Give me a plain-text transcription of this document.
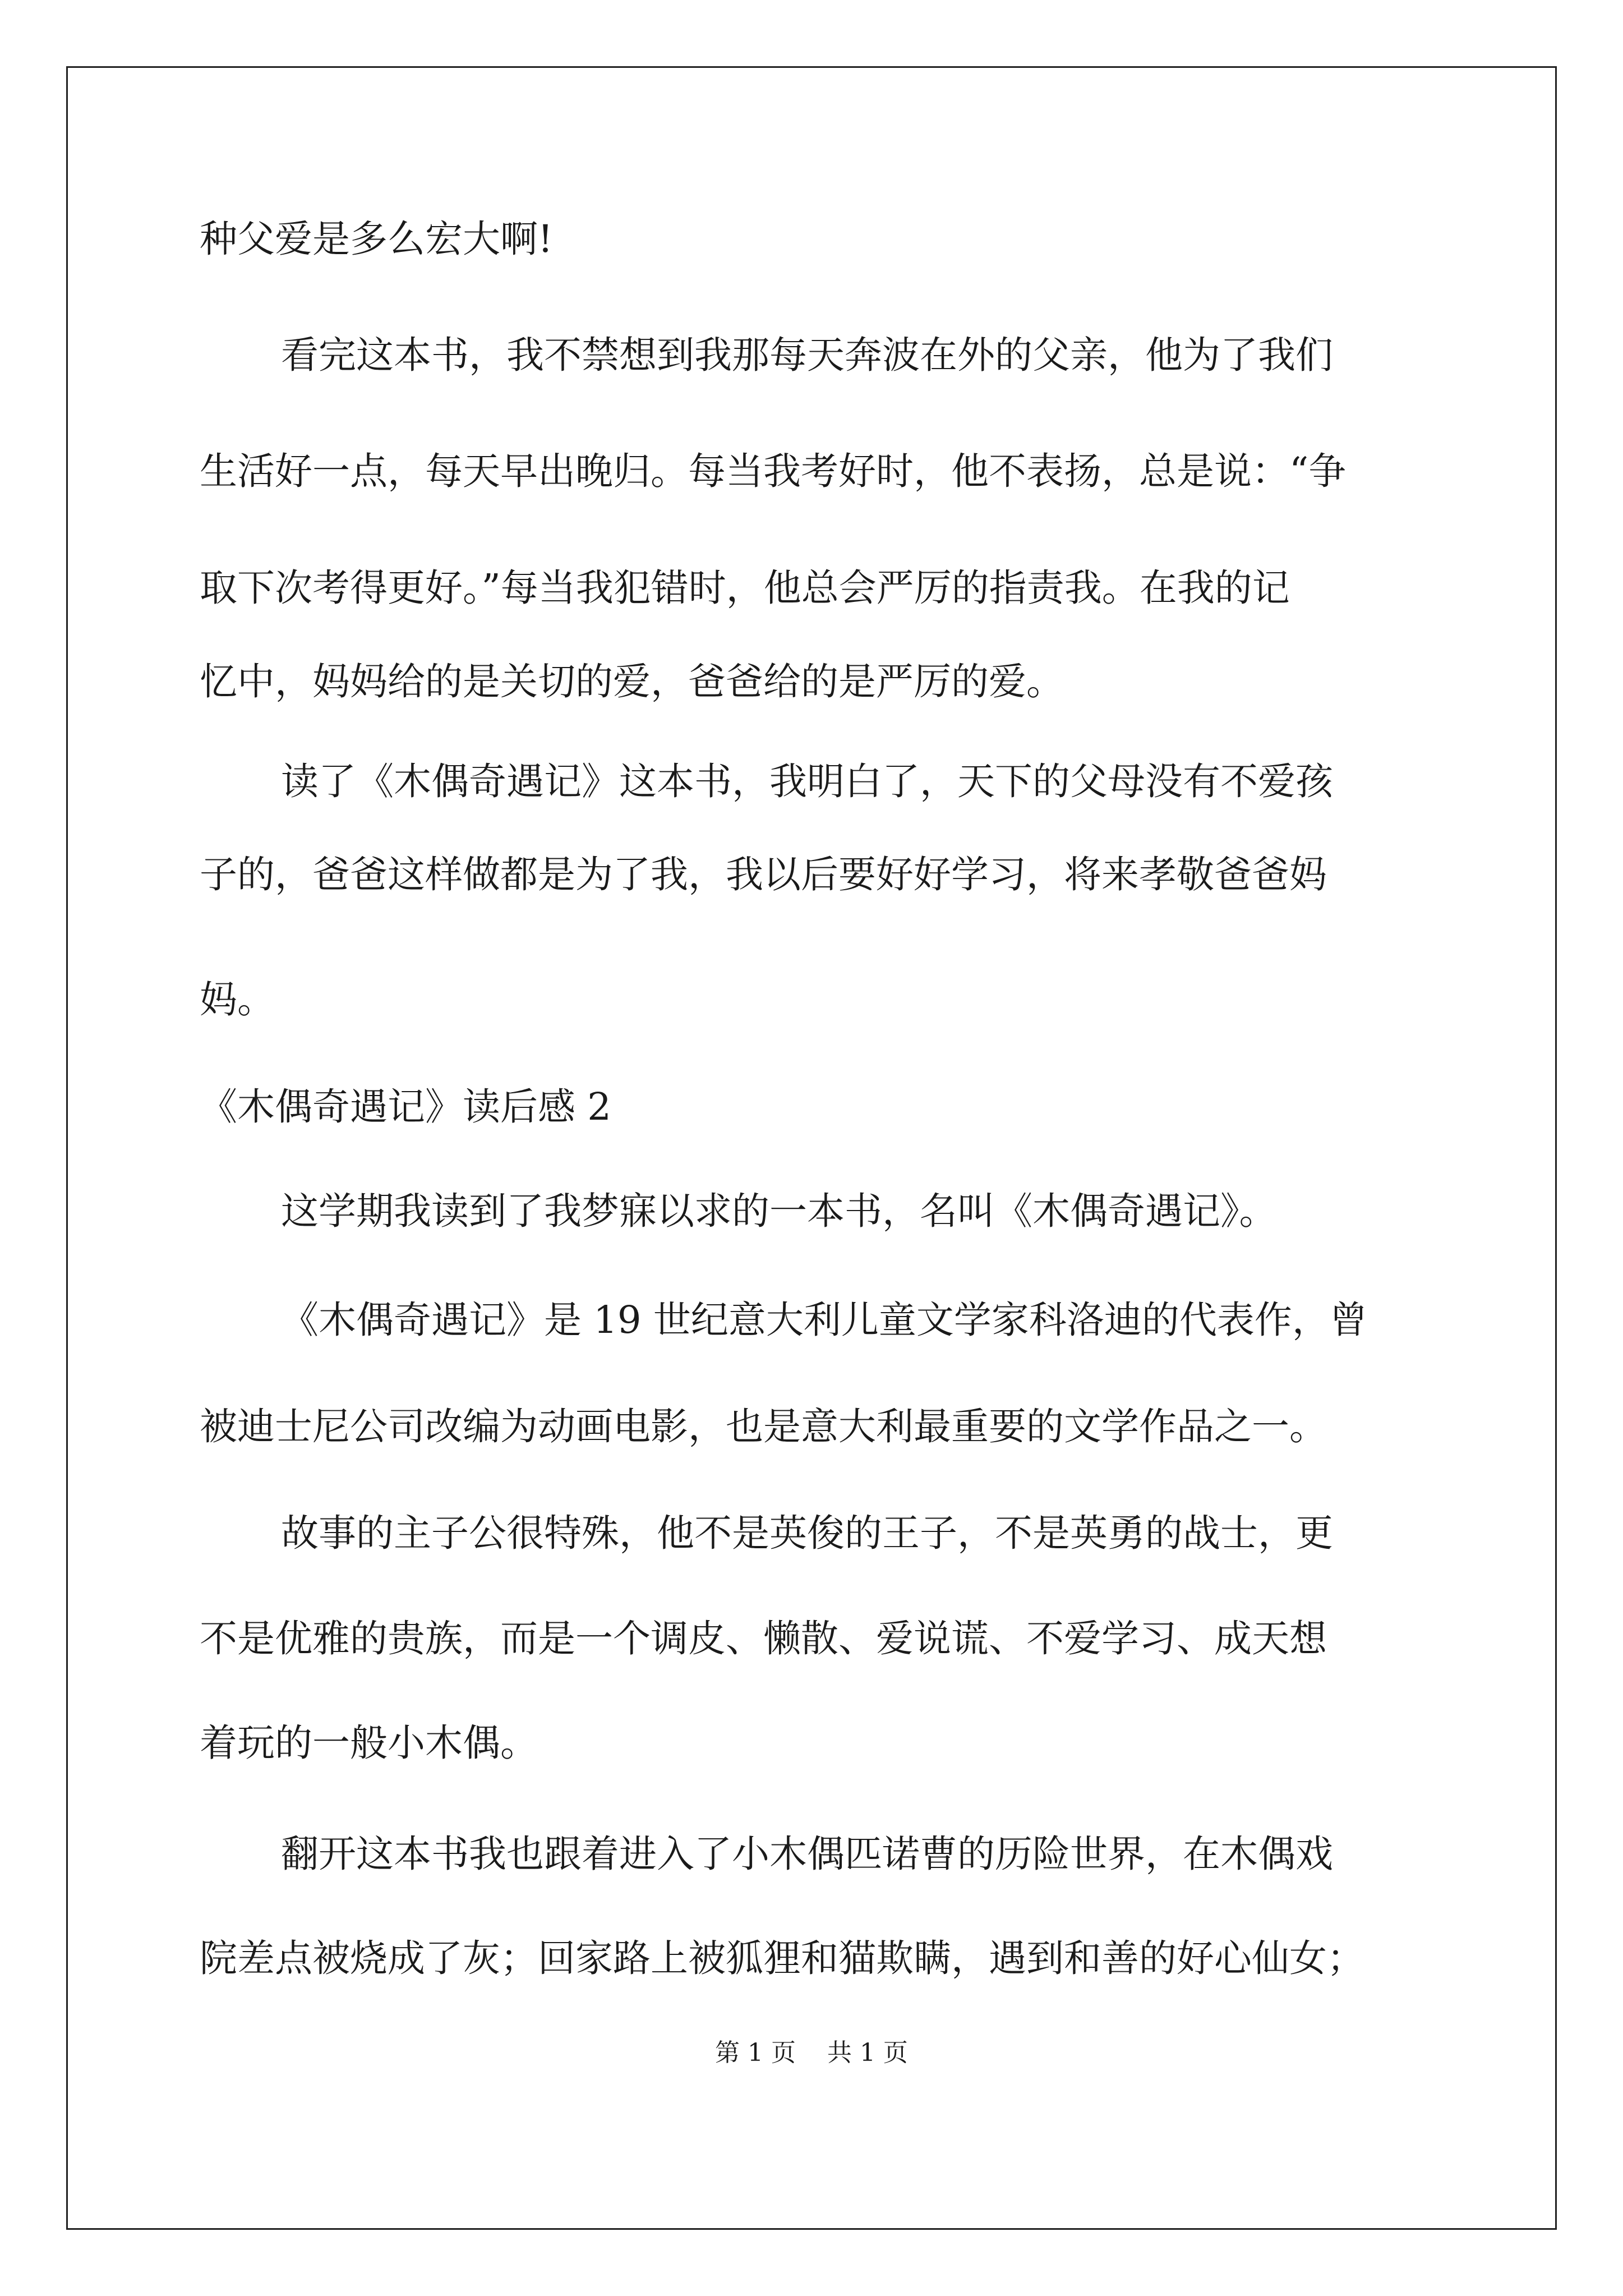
种父爱是多么宏大啊!
看完这本书，我不禁想到我那每天奔波在外的父亲，他为了我们
生活好一点，每天早出晚归。每当我考好时，他不表扬，总是说：“争
取下次考得更好。”每当我犯错时，他总会严厉的指责我。在我的记
忆中，妈妈给的是关切的爱，爸爸给的是严厉的爱。
读了《木偶奇遇记》这本书，我明白了，天下的父母没有不爱孩
子的，爸爸这样做都是为了我，我以后要好好学习，将来孝敬爸爸妈
妈。
《木偶奇遇记》读后感 2
这学期我读到了我梦寐以求的一本书，名叫《木偶奇遇记》。
《木偶奇遇记》是 19 世纪意大利儿童文学家科洛迪的代表作，曾
被迪士尼公司改编为动画电影，也是意大利最重要的文学作品之一。
故事的主子公很特殊，他不是英俊的王子，不是英勇的战士，更
不是优雅的贵族，而是一个调皮、懒散、爱说谎、不爱学习、成天想
着玩的一般小木偶。
翻开这本书我也跟着进入了小木偶匹诺曹的历险世界，在木偶戏
院差点被烧成了灰；回家路上被狐狸和猫欺瞒，遇到和善的好心仙女；
第 1 页    共 1 页
